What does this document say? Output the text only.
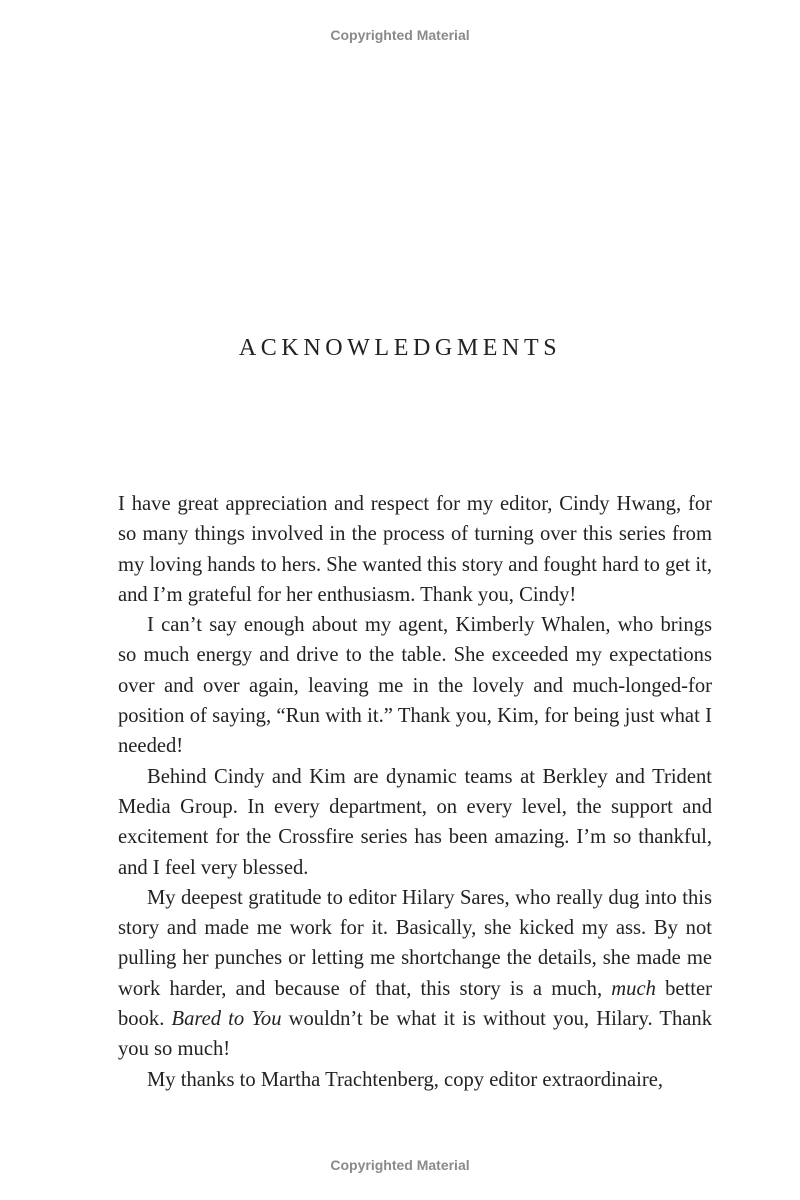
Copyrighted Material
ACKNOWLEDGMENTS

I have great appreciation and respect for my editor, Cindy Hwang, for so many things involved in the process of turning over this series from my loving hands to hers. She wanted this story and fought hard to get it, and I’m grateful for her enthusiasm. Thank you, Cindy!

I can’t say enough about my agent, Kimberly Whalen, who brings so much energy and drive to the table. She exceeded my expectations over and over again, leaving me in the lovely and much-longed-for position of saying, “Run with it.” Thank you, Kim, for being just what I needed!

Behind Cindy and Kim are dynamic teams at Berkley and Trident Media Group. In every department, on every level, the support and excitement for the Crossfire series has been amazing. I’m so thankful, and I feel very blessed.

My deepest gratitude to editor Hilary Sares, who really dug into this story and made me work for it. Basically, she kicked my ass. By not pulling her punches or letting me shortchange the details, she made me work harder, and because of that, this story is a much, much better book. Bared to You wouldn’t be what it is without you, Hilary. Thank you so much!

My thanks to Martha Trachtenberg, copy editor extraordinaire,

Copyrighted Material
